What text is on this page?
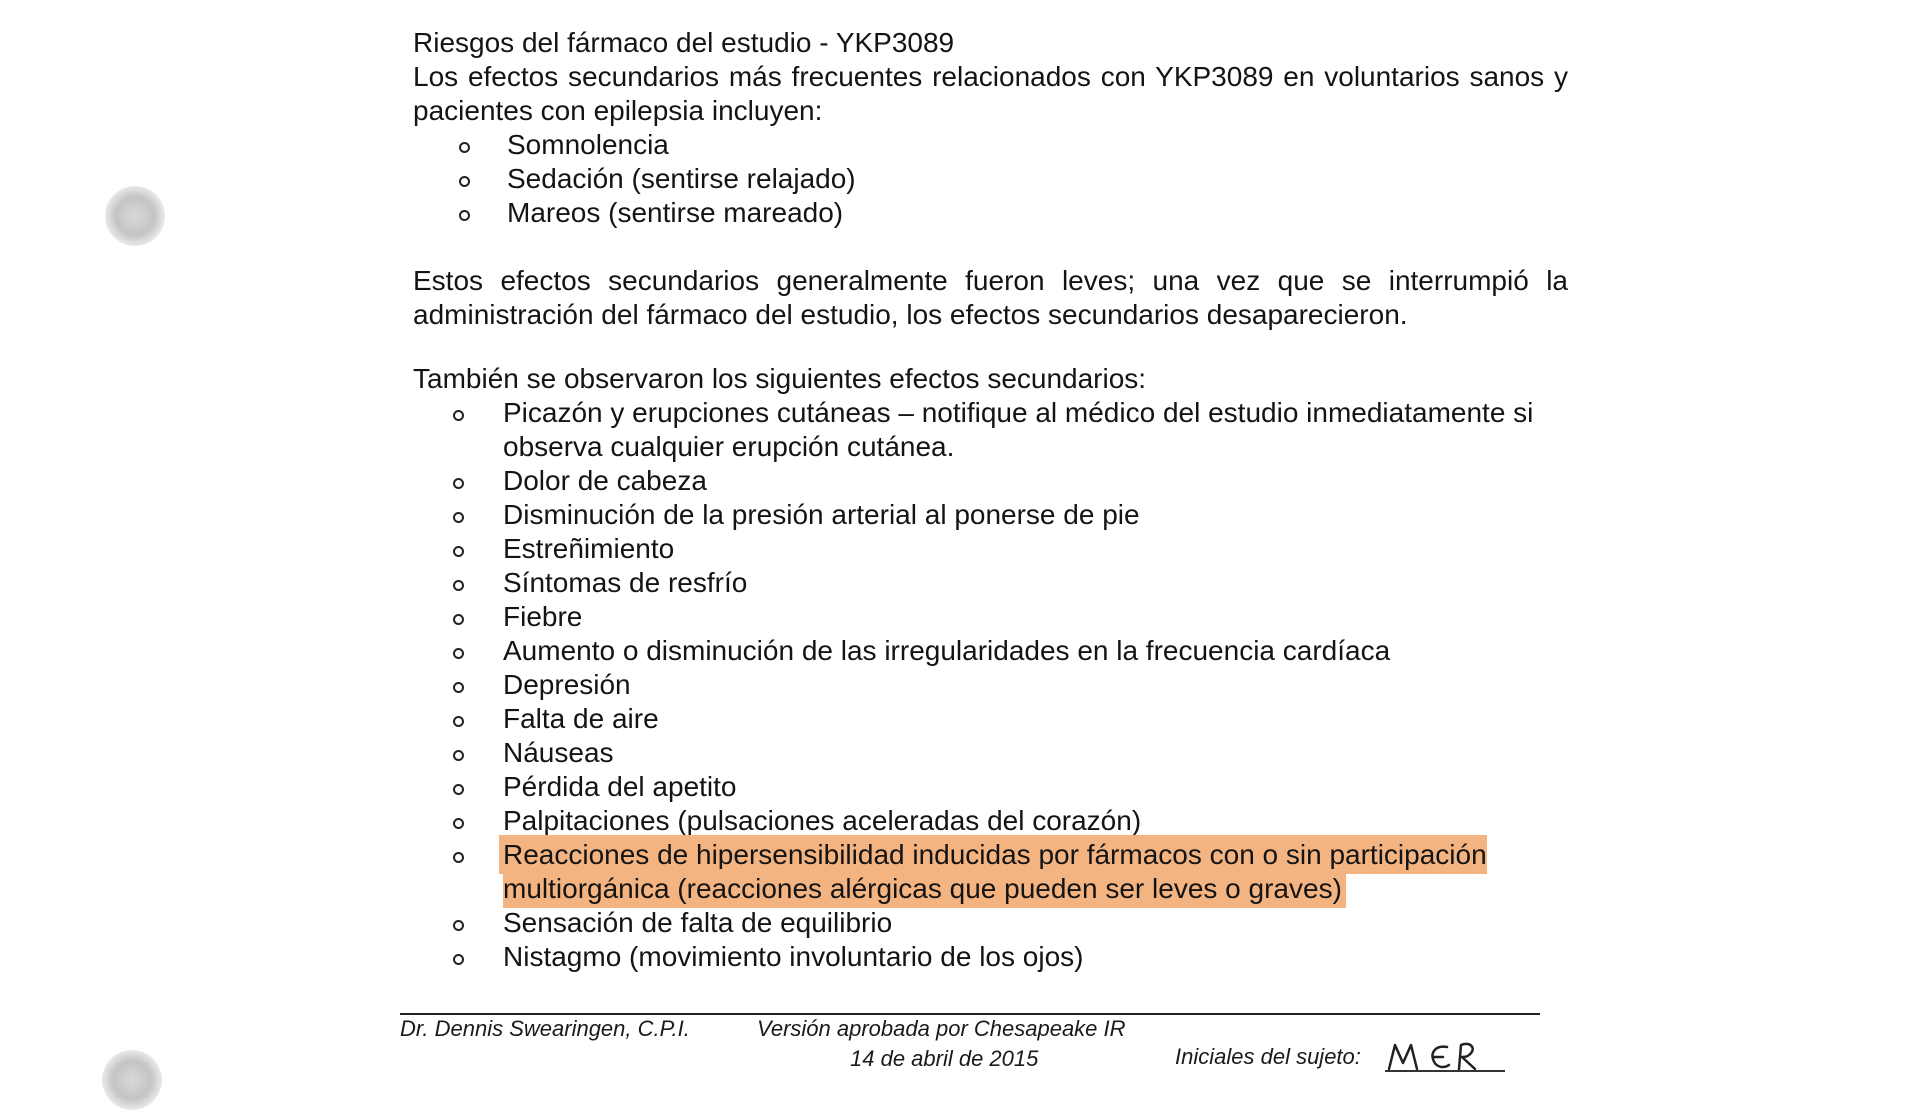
Riesgos del fármaco del estudio - YKP3089

Los efectos secundarios más frecuentes relacionados con YKP3089 en voluntarios sanos y pacientes con epilepsia incluyen:

Somnolencia
Sedación (sentirse relajado)
Mareos (sentirse mareado)

Estos efectos secundarios generalmente fueron leves; una vez que se interrumpió la administración del fármaco del estudio, los efectos secundarios desaparecieron.

También se observaron los siguientes efectos secundarios:

Picazón y erupciones cutáneas – notifique al médico del estudio inmediatamente si observa cualquier erupción cutánea.
Dolor de cabeza
Disminución de la presión arterial al ponerse de pie
Estreñimiento
Síntomas de resfrío
Fiebre
Aumento o disminución de las irregularidades en la frecuencia cardíaca
Depresión
Falta de aire
Náuseas
Pérdida del apetito
Palpitaciones (pulsaciones aceleradas del corazón)
Reacciones de hipersensibilidad inducidas por fármacos con o sin participación multiorgánica (reacciones alérgicas que pueden ser leves o graves)
Sensación de falta de equilibrio
Nistagmo (movimiento involuntario de los ojos)
Dr. Dennis Swearingen, C.P.I.	Versión aprobada por Chesapeake IR
14 de abril de 2015	Iniciales del sujeto:
